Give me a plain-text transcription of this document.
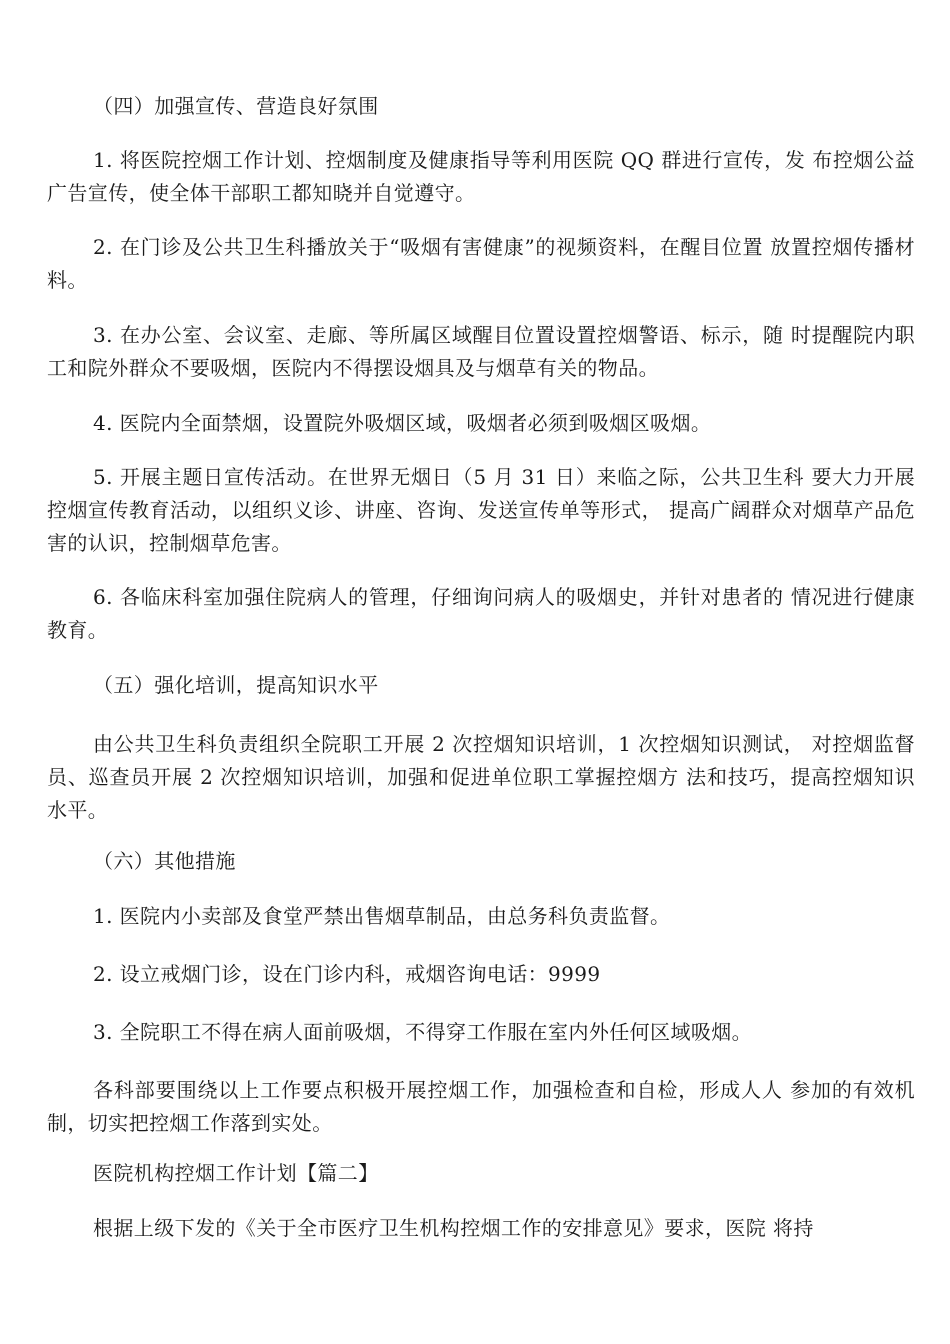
（四）加强宣传、营造良好氛围

1. 将医院控烟工作计划、控烟制度及健康指导等利用医院 QQ 群进行宣传，发 布控烟公益广告宣传，使全体干部职工都知晓并自觉遵守。

2. 在门诊及公共卫生科播放关于“吸烟有害健康”的视频资料，在醒目位置 放置控烟传播材料。

3. 在办公室、会议室、走廊、等所属区域醒目位置设置控烟警语、标示，随 时提醒院内职工和院外群众不要吸烟，医院内不得摆设烟具及与烟草有关的物品。

4. 医院内全面禁烟，设置院外吸烟区域，吸烟者必须到吸烟区吸烟。

5. 开展主题日宣传活动。在世界无烟日（5 月 31 日）来临之际，公共卫生科 要大力开展控烟宣传教育活动，以组织义诊、讲座、咨询、发送宣传单等形式， 提高广阔群众对烟草产品危害的认识，控制烟草危害。

6. 各临床科室加强住院病人的管理，仔细询问病人的吸烟史，并针对患者的 情况进行健康教育。

（五）强化培训，提高知识水平

由公共卫生科负责组织全院职工开展 2 次控烟知识培训，1 次控烟知识测试， 对控烟监督员、巡查员开展 2 次控烟知识培训，加强和促进单位职工掌握控烟方 法和技巧，提高控烟知识水平。

（六）其他措施

1. 医院内小卖部及食堂严禁出售烟草制品，由总务科负责监督。

2. 设立戒烟门诊，设在门诊内科，戒烟咨询电话：9999

3. 全院职工不得在病人面前吸烟，不得穿工作服在室内外任何区域吸烟。

各科部要围绕以上工作要点积极开展控烟工作，加强检查和自检，形成人人 参加的有效机制，切实把控烟工作落到实处。

医院机构控烟工作计划【篇二】

根据上级下发的《关于全市医疗卫生机构控烟工作的安排意见》要求，医院 将持
